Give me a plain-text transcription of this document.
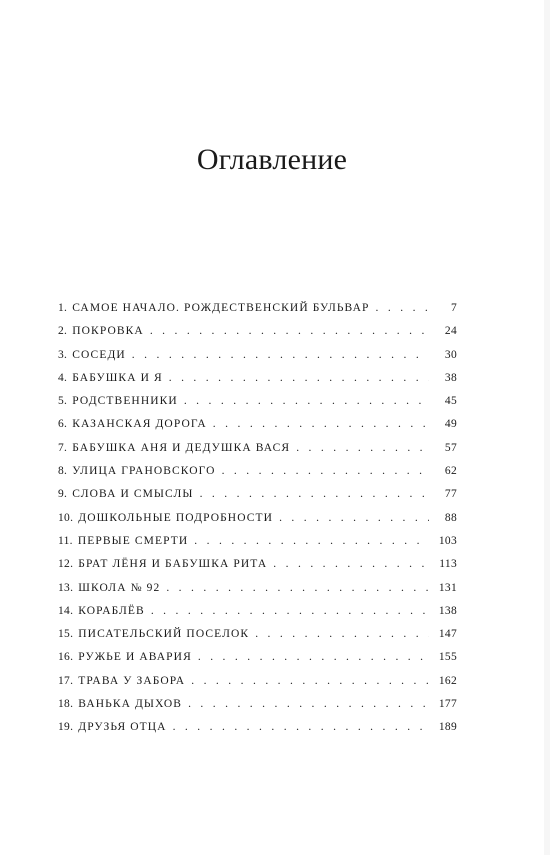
Оглавление
1. САМОЕ НАЧАЛО. РОЖДЕСТВЕНСКИЙ БУЛЬВАР . . .	7
2. ПОКРОВКА . . .	24
3. СОСЕДИ . . .	30
4. БАБУШКА И Я . . .	38
5. РОДСТВЕННИКИ . . .	45
6. КАЗАНСКАЯ ДОРОГА . . .	49
7. БАБУШКА АНЯ И ДЕДУШКА ВАСЯ . . .	57
8. УЛИЦА ГРАНОВСКОГО . . .	62
9. СЛОВА И СМЫСЛЫ . . .	77
10. ДОШКОЛЬНЫЕ ПОДРОБНОСТИ . . .	88
11. ПЕРВЫЕ СМЕРТИ . . .	103
12. БРАТ ЛЁНЯ И БАБУШКА РИТА . . .	113
13. ШКОЛА № 92 . . .	131
14. КОРАБЛЁВ . . .	138
15. ПИСАТЕЛЬСКИЙ ПОСЕЛОК . . .	147
16. РУЖЬЕ И АВАРИЯ . . .	155
17. ТРАВА У ЗАБОРА . . .	162
18. ВАНЬКА ДЫХОВ . . .	177
19. ДРУЗЬЯ ОТЦА . . .	189
